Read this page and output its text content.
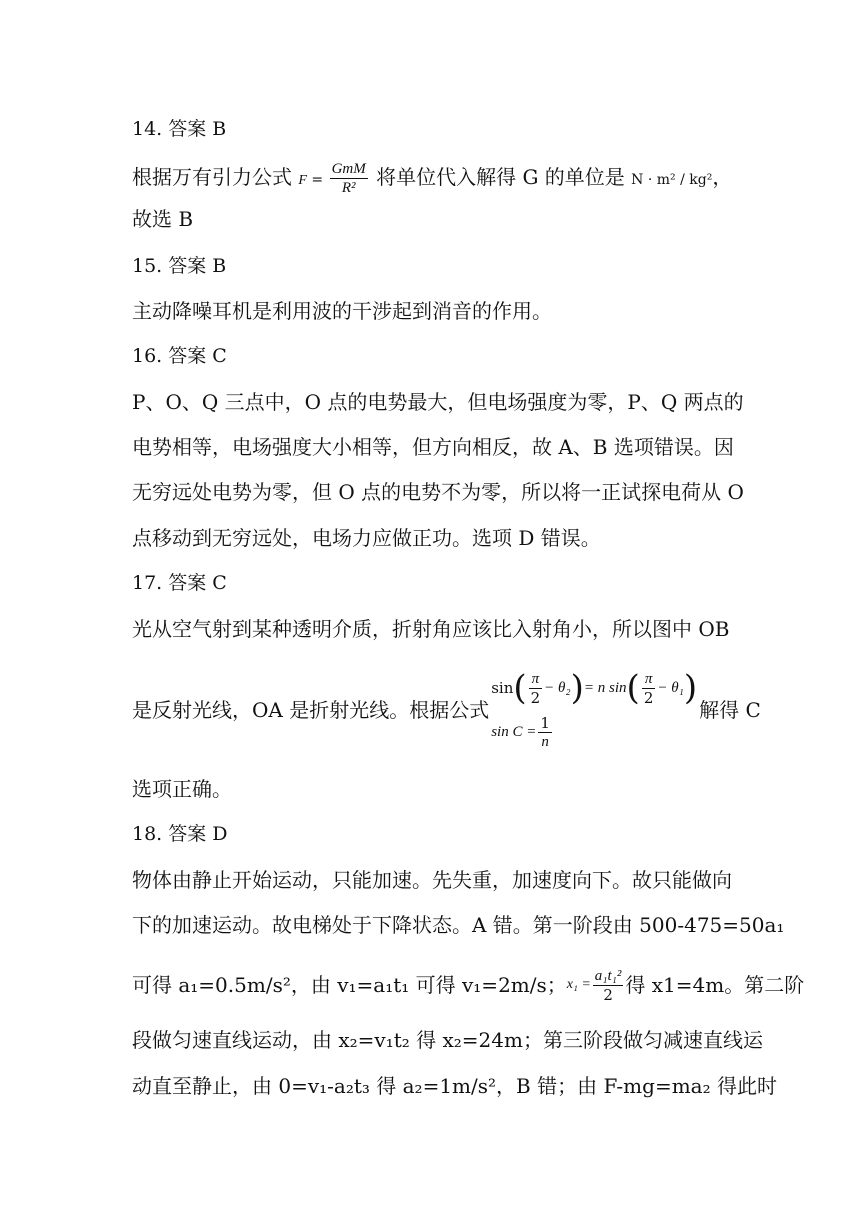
14. 答案 B
根据万有引力公式 $F = \frac{\text{GmM}}{\text{R²}}$ 将单位代入解得 G 的单位是 N · m² / kg²，
故选 B
15. 答案 B
主动降噪耳机是利用波的干涉起到消音的作用。
16. 答案 C
P、O、Q 三点中，O 点的电势最大，但电场强度为零，P、Q 两点的
电势相等，电场强度大小相等，但方向相反，故 A、B 选项错误。因
无穷远处电势为零，但 O 点的电势不为零，所以将一正试探电荷从 O
点移动到无穷远处，电场力应做正功。选项 D 错误。
17. 答案 C
光从空气射到某种透明介质，折射角应该比入射角小，所以图中 OB
是反射光线，OA 是折射光线。根据公式
sin ( $\frac{\pi}{2} - \theta_2$ ) = n sin ( $\frac{\pi}{2} - \theta_1$ )
$\sin C = \frac{1}{n}$
解得 C
选项正确。
18. 答案 D
物体由静止开始运动，只能加速。先失重，加速度向下。故只能做向
下的加速运动。故电梯处于下降状态。A 错。第一阶段由 500-475=50a₁
可得 a₁=0.5m/s²，由 v₁=a₁t₁ 可得 v₁=2m/s； $x_1 = \frac{\text{a₁t₁²}}{2}$ 得 x1=4m。第二阶
段做匀速直线运动，由 x₂=v₁t₂ 得 x₂=24m；第三阶段做匀减速直线运
动直至静止，由 0=v₁-a₂t₃ 得 a₂=1m/s²，B 错；由 F-mg=ma₂ 得此时
